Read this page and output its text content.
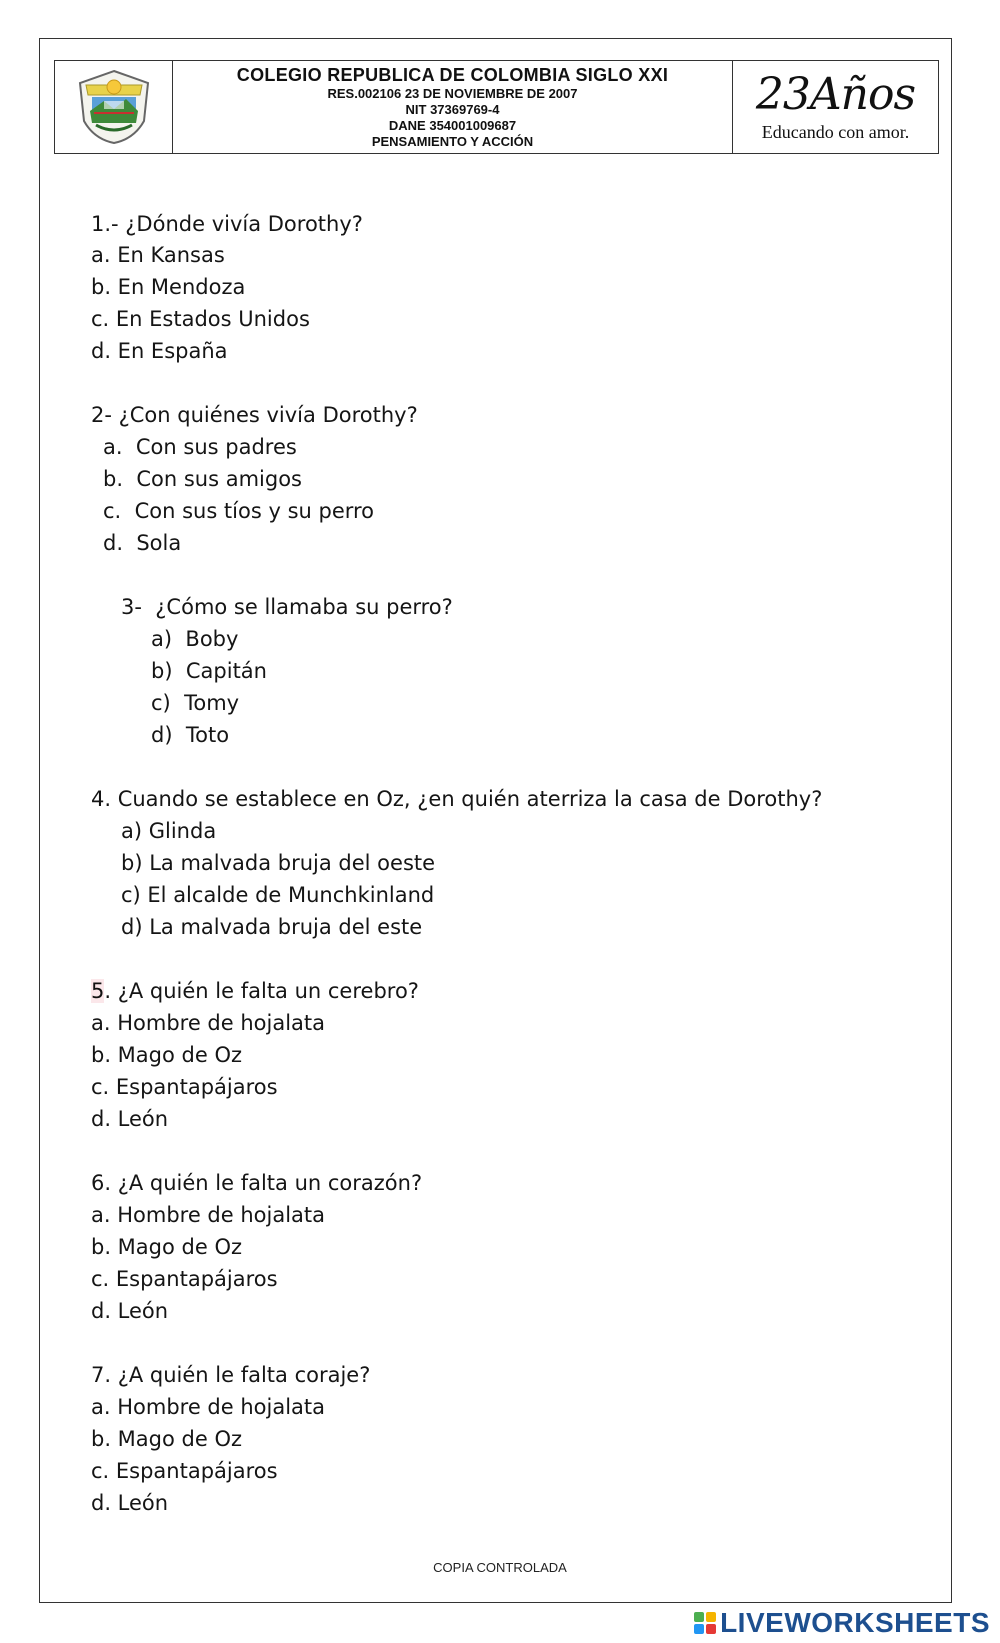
COLEGIO REPUBLICA DE COLOMBIA SIGLO XXI
RES.002106 23 DE NOVIEMBRE DE 2007
NIT 37369769-4
DANE 354001009687
PENSAMIENTO Y ACCIÓN
23Años
Educando con amor.
1.- ¿Dónde vivía Dorothy?
a. En Kansas
b. En Mendoza
c. En Estados Unidos
d. En España
2- ¿Con quiénes vivía Dorothy?
a.  Con sus padres
b.  Con sus amigos
c.  Con sus tíos y su perro
d.  Sola
3-  ¿Cómo se llamaba su perro?
a)  Boby
b)  Capitán
c)  Tomy
d)  Toto
4. Cuando se establece en Oz, ¿en quién aterriza la casa de Dorothy?
a) Glinda
b) La malvada bruja del oeste
c) El alcalde de Munchkinland
d) La malvada bruja del este
5. ¿A quién le falta un cerebro?
a. Hombre de hojalata
b. Mago de Oz
c. Espantapájaros
d. León
6. ¿A quién le falta un corazón?
a. Hombre de hojalata
b. Mago de Oz
c. Espantapájaros
d. León
7. ¿A quién le falta coraje?
a. Hombre de hojalata
b. Mago de Oz
c. Espantapájaros
d. León
COPIA CONTROLADA
LIVEWORKSHEETS
